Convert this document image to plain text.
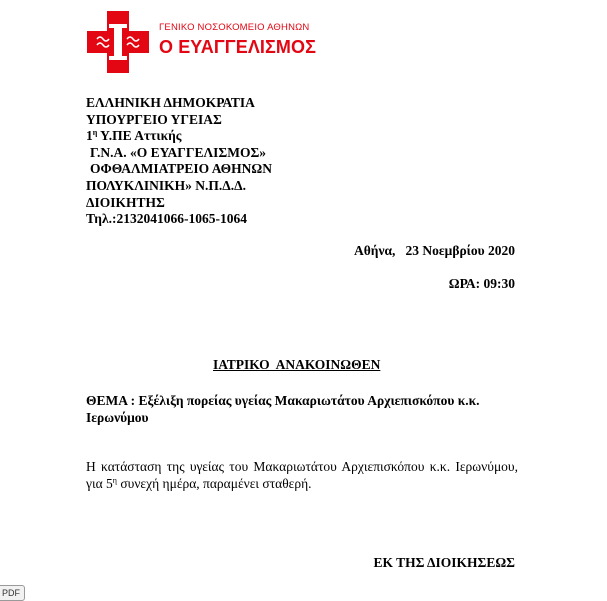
ΓΕΝΙΚΟ ΝΟΣΟΚΟΜΕΙΟ ΑΘΗΝΩΝ
Ο ΕΥΑΓΓΕΛΙΣΜΟΣ
ΕΛΛΗΝΙΚΗ ΔΗΜΟΚΡΑΤΙΑ
ΥΠΟΥΡΓΕΙΟ ΥΓΕΙΑΣ
$1^\eta$ Υ.ΠΕ Αττικής
Γ.Ν.Α. «Ο ΕΥΑΓΓΕΛΙΣΜΟΣ»
ΟΦΘΑΛΜΙΑΤΡΕΙΟ ΑΘΗΝΩΝ
ΠΟΛΥΚΛΙΝΙΚΗ» Ν.Π.Δ.Δ.
ΔΙΟΙΚΗΤΗΣ
Τηλ.:2132041066-1065-1064
Αθήνα,   23 Νοεμβρίου 2020
ΩΡΑ: 09:30
ΙΑΤΡΙΚΟ  ΑΝΑΚΟΙΝΩΘΕΝ
ΘΕΜΑ : Εξέλιξη πορείας υγείας Μακαριωτάτου Αρχιεπισκόπου κ.κ. Ιερωνύμου
Η κατάσταση της υγείας του Μακαριωτάτου Αρχιεπισκόπου κ.κ. Ιερωνύμου, για $5^\eta$ συνεχή ημέρα, παραμένει σταθερή.
ΕΚ ΤΗΣ ΔΙΟΙΚΗΣΕΩΣ
PDF
